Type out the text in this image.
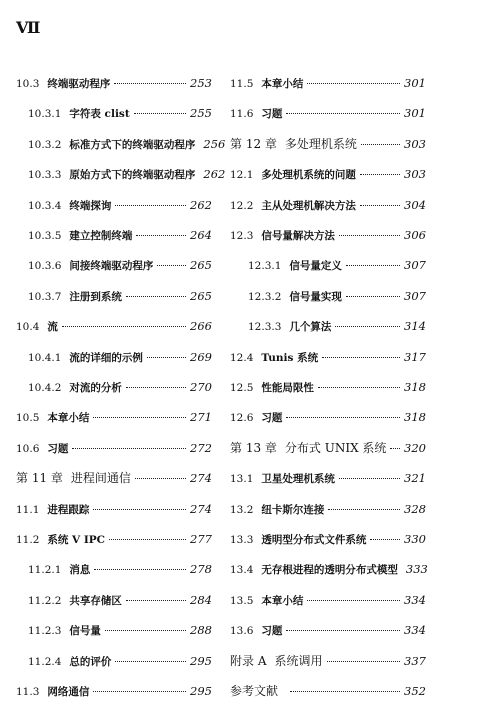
Ⅶ
10.3 终端驱动程序	253
10.3.1 字符表 clist	255
10.3.2 标准方式下的终端驱动程序 256
10.3.3 原始方式下的终端驱动程序 262
10.3.4 终端探询	262
10.3.5 建立控制终端	264
10.3.6 间接终端驱动程序	265
10.3.7 注册到系统	265
10.4 流	266
10.4.1 流的详细的示例	269
10.4.2 对流的分析	270
10.5 本章小结	271
10.6 习题	272
第 11 章 进程间通信	274
11.1 进程跟踪	274
11.2 系统 V IPC	277
11.2.1 消息	278
11.2.2 共享存储区	284
11.2.3 信号量	288
11.2.4 总的评价	295
11.3 网络通信	295
11.5 本章小结	301
11.6 习题	301
第 12 章 多处理机系统	303
12.1 多处理机系统的问题	303
12.2 主从处理机解决方法	304
12.3 信号量解决方法	306
12.3.1 信号量定义	307
12.3.2 信号量实现	307
12.3.3 几个算法	314
12.4 Tunis 系统	317
12.5 性能局限性	318
12.6 习题	318
第 13 章 分布式 UNIX 系统 320
13.1 卫星处理机系统	321
13.2 纽卡斯尔连接	328
13.3 透明型分布式文件系统	330
13.4 无存根进程的透明分布式模型 333
13.5 本章小结	334
13.6 习题	334
附录 A 系统调用	337
参考文献	352
